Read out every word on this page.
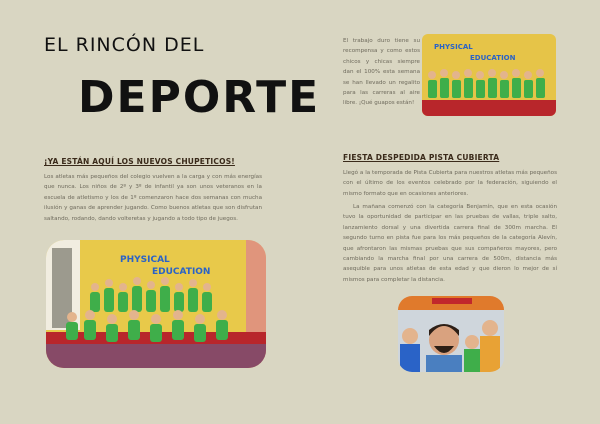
EL RINCÓN DEL
DEPORTE
¡YA ESTÁN AQUÍ LOS NUEVOS CHUPETICOS!
Los atletas más pequeños del colegio vuelven a la carga y con más energías que nunca. Los niños de 2º y 3º de infantil ya son unos veteranos en la escuela de atletismo y los de 1º comenzaron hace dos semanas con mucha ilusión y ganas de aprender jugando. Como buenos atletas que son disfrutan saltando, rodando, dando volteretas y jugando a todo tipo de juegos.
PHYSICAL
EDUCATION
El trabajo duro tiene su recompensa y como estos chicos y chicas siempre dan el 100% esta semana se han llevado un regalito para las carreras al aire libre. ¡Qué guapos están!
PHYSICAL
EDUCATION
FIESTA DESPEDIDA PISTA CUBIERTA
Llegó a la temporada de Pista Cubierta para nuestros atletas más pequeños con el último de los eventos celebrado por la federación, siguiendo el mismo formato que en ocasiones anteriores.
La mañana comenzó con la categoría Benjamín, que en esta ocasión tuvo la oportunidad de participar en las pruebas de vallas, triple salto, lanzamiento dorsal y una divertida carrera final de 300m marcha. El segundo turno en pista fue para los más pequeños de la categoría Alevín, que afrontaron las mismas pruebas que sus compañeros mayores, pero cambiando la marcha final por una carrera de 500m, distancia más asequible para unos atletas de esta edad y que dieron lo mejor de sí mismos para completar la distancia.
